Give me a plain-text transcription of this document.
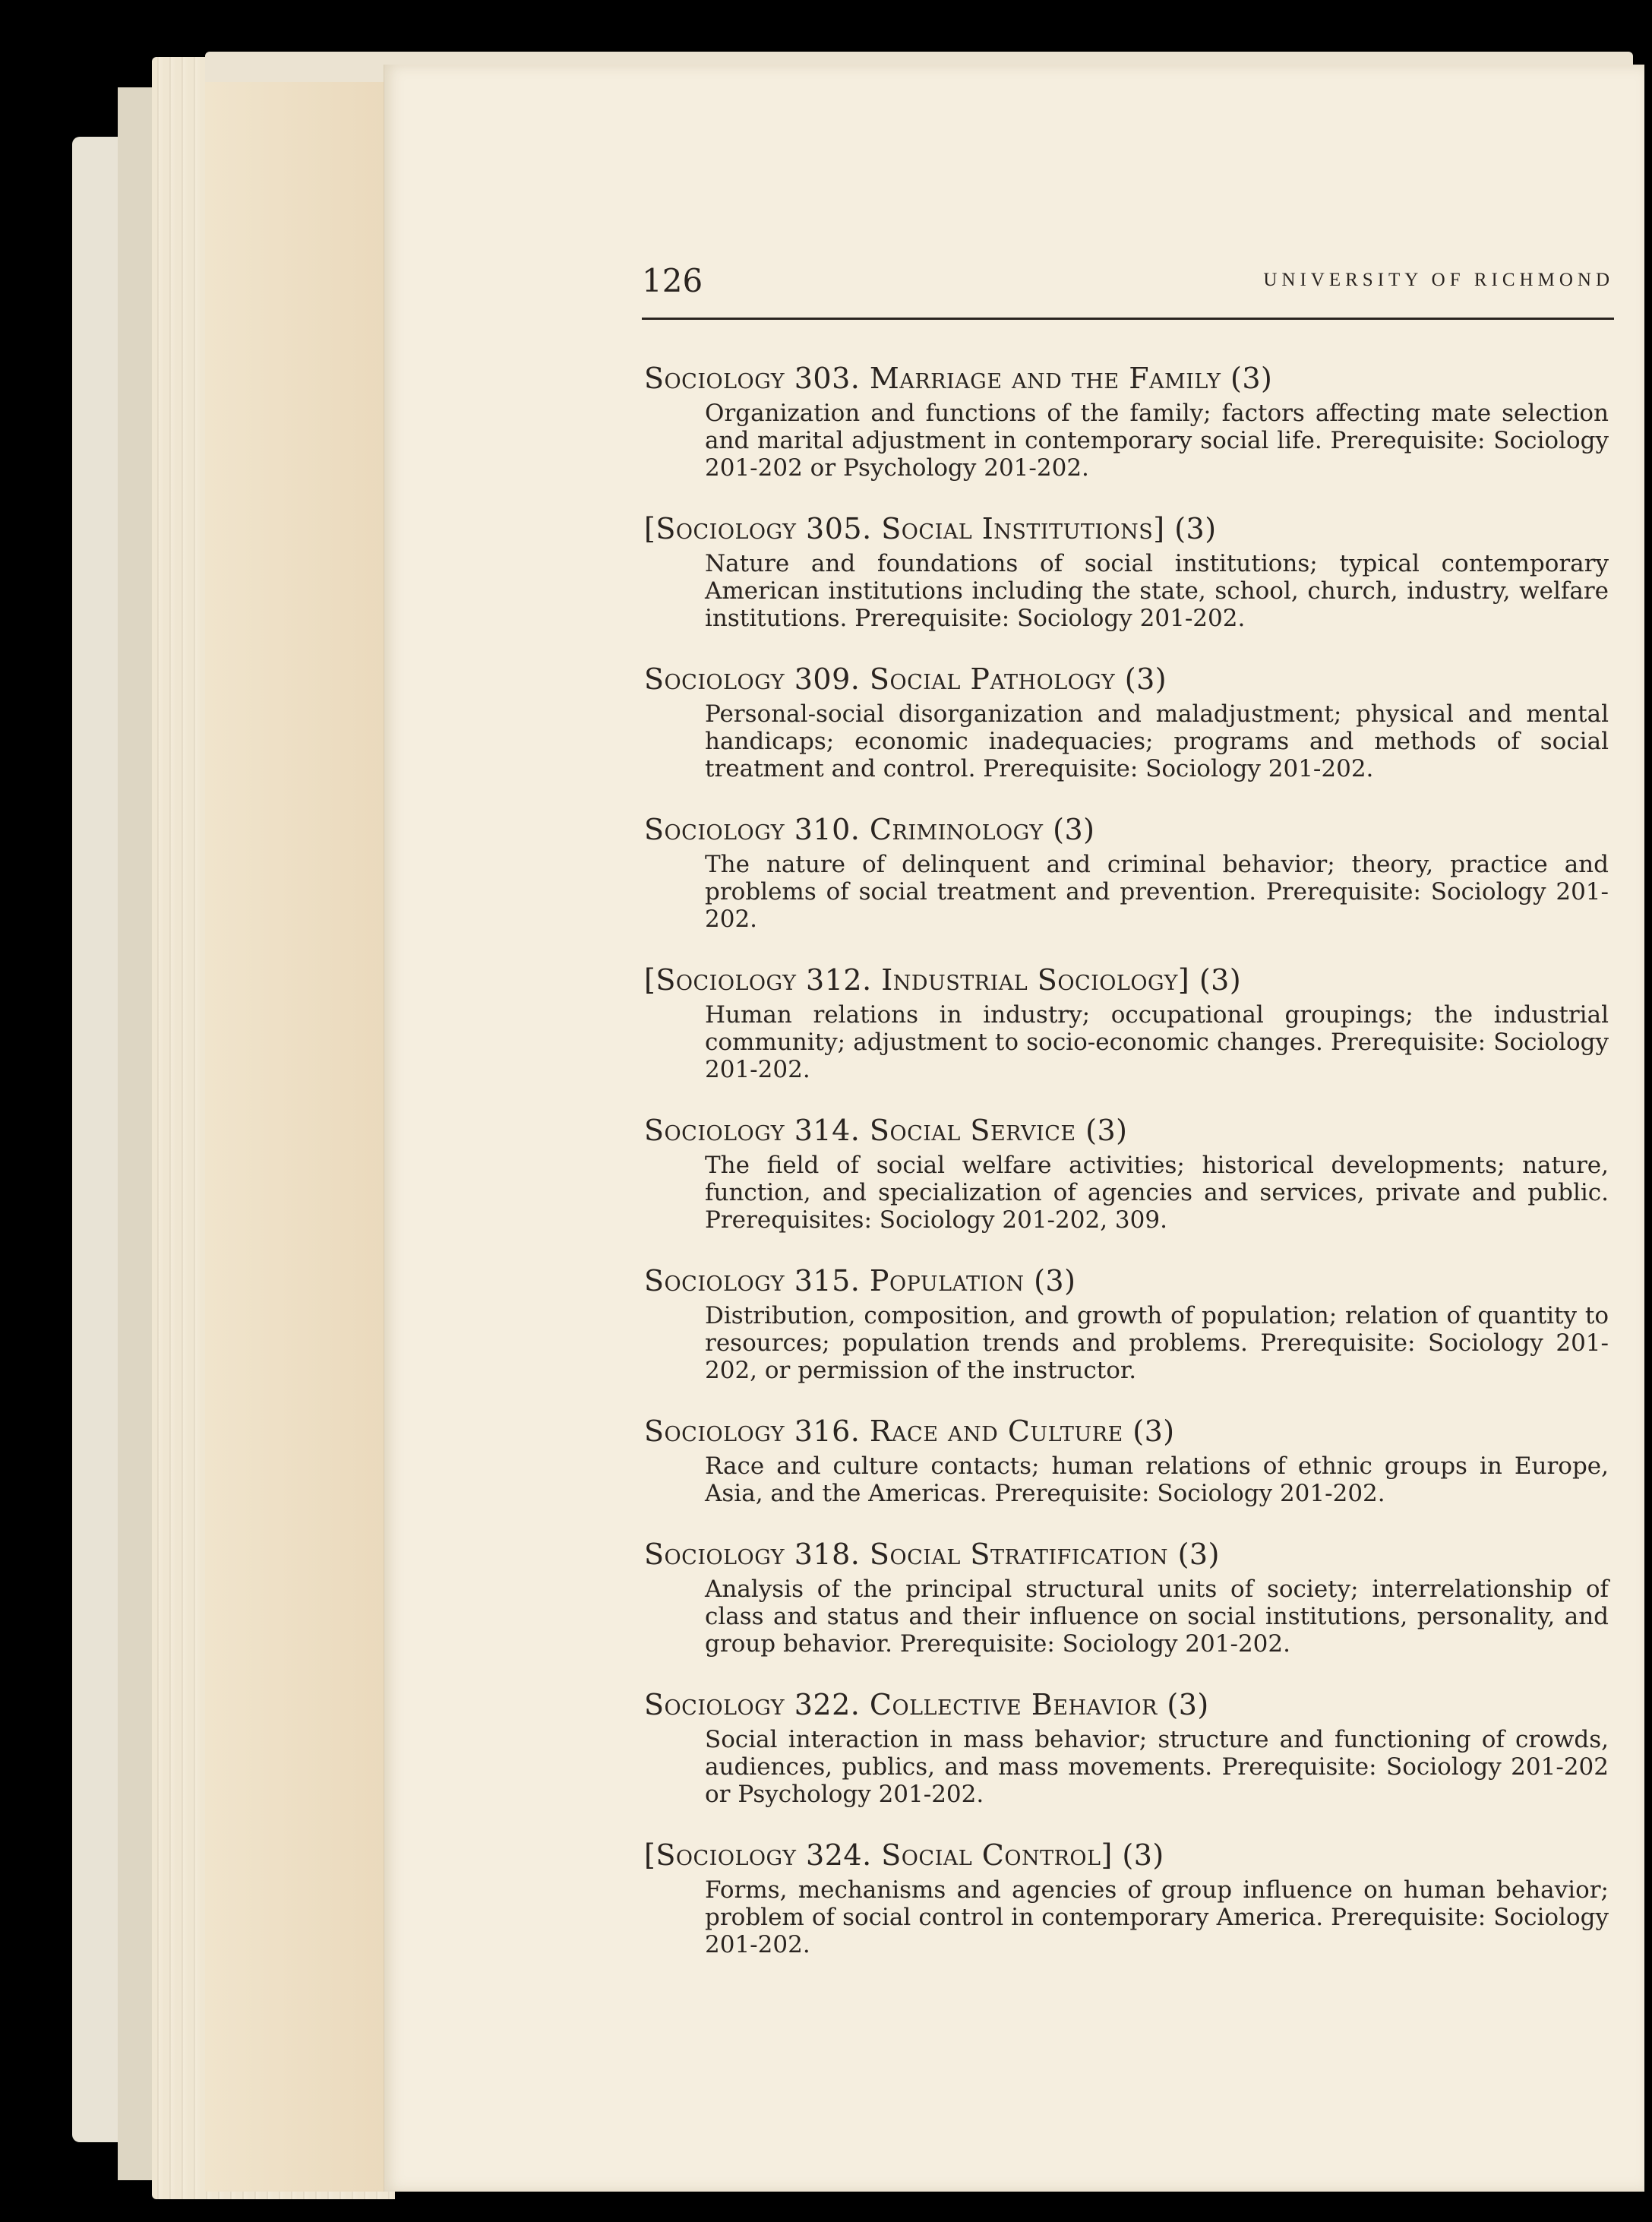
126	UNIVERSITY OF RICHMOND
Sociology 303. Marriage and the Family (3)

Organization and functions of the family; factors affecting mate selection and marital adjustment in contemporary social life. Prerequisite: Sociology 201-202 or Psychology 201-202.

[Sociology 305. Social Institutions] (3)

Nature and foundations of social institutions; typical contemporary American institutions including the state, school, church, industry, welfare institutions. Prerequisite: Sociology 201-202.

Sociology 309. Social Pathology (3)

Personal-social disorganization and maladjustment; physical and mental handicaps; economic inadequacies; programs and methods of social treatment and control. Prerequisite: Sociology 201-202.

Sociology 310. Criminology (3)

The nature of delinquent and criminal behavior; theory, practice and problems of social treatment and prevention. Prerequisite: Sociology 201-202.

[Sociology 312. Industrial Sociology] (3)

Human relations in industry; occupational groupings; the industrial community; adjustment to socio-economic changes. Prerequisite: Sociology 201-202.

Sociology 314. Social Service (3)

The field of social welfare activities; historical developments; nature, function, and specialization of agencies and services, private and public. Prerequisites: Sociology 201-202, 309.

Sociology 315. Population (3)

Distribution, composition, and growth of population; relation of quantity to resources; population trends and problems. Prerequisite: Sociology 201-202, or permission of the instructor.

Sociology 316. Race and Culture (3)

Race and culture contacts; human relations of ethnic groups in Europe, Asia, and the Americas. Prerequisite: Sociology 201-202.

Sociology 318. Social Stratification (3)

Analysis of the principal structural units of society; interrelationship of class and status and their influence on social institutions, personality, and group behavior. Prerequisite: Sociology 201-202.

Sociology 322. Collective Behavior (3)

Social interaction in mass behavior; structure and functioning of crowds, audiences, publics, and mass movements. Prerequisite: Sociology 201-202 or Psychology 201-202.

[Sociology 324. Social Control] (3)

Forms, mechanisms and agencies of group influence on human behavior; problem of social control in contemporary America. Prerequisite: Sociology 201-202.
